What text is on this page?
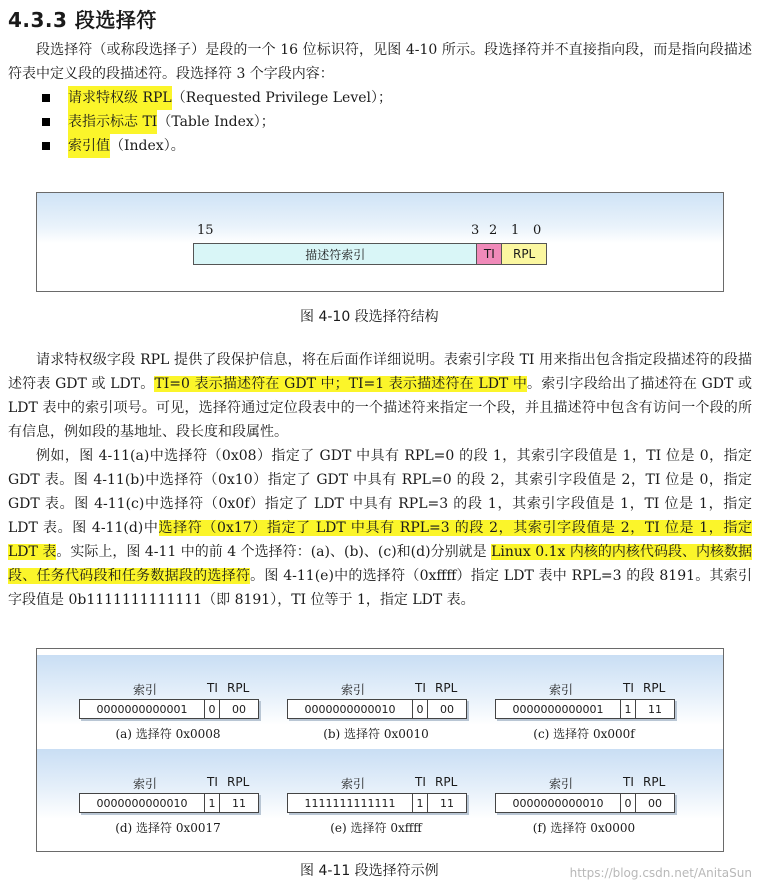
4.3.3 段选择符

段选择符（或称段选择子）是段的一个 16 位标识符，见图 4-10 所示。段选择符并不直接指向段，而是指向段描述符表中定义段的段描述符。段选择符 3 个字段内容：

请求特权级 RPL （Requested Privilege Level）；
表指示标志 TI （Table Index）；
索引值 （Index）。
15	3 2 1 0
描述符索引	TI	RPL
图 4-10 段选择符结构

请求特权级字段 RPL 提供了段保护信息，将在后面作详细说明。表索引字段 TI 用来指出包含指定段描述符的段描述符表 GDT 或 LDT。TI=0 表示描述符在 GDT 中；TI=1 表示描述符在 LDT 中。索引字段给出了描述符在 GDT 或 LDT 表中的索引项号。可见，选择符通过定位段表中的一个描述符来指定一个段，并且描述符中包含有访问一个段的所有信息，例如段的基地址、段长度和段属性。

例如，图 4-11(a)中选择符（0x08）指定了 GDT 中具有 RPL=0 的段 1，其索引字段值是 1，TI 位是 0，指定 GDT 表。图 4-11(b)中选择符（0x10）指定了 GDT 中具有 RPL=0 的段 2，其索引字段值是 2，TI 位是 0，指定 GDT 表。图 4-11(c)中选择符（0x0f）指定了 LDT 中具有 RPL=3 的段 1，其索引字段值是 1，TI 位是 1，指定 LDT 表。图 4-11(d)中选择符（0x17）指定了 LDT 中具有 RPL=3 的段 2，其索引字段值是 2，TI 位是 1，指定 LDT 表。实际上，图 4-11 中的前 4 个选择符：(a)、(b)、(c)和(d)分别就是 Linux 0.1x 内核的内核代码段、内核数据段、任务代码段和任务数据段的选择符。图 4-11(e)中的选择符（0xffff）指定 LDT 表中 RPL=3 的段 8191。其索引字段值是 0b1111111111111（即 8191），TI 位等于 1，指定 LDT 表。

索引	TI RPL
0000000000001	0	00
(a) 选择符 0x0008
索引	TI RPL
0000000000010	0	00
(b) 选择符 0x0010
索引	TI RPL
0000000000001	1	11
(c) 选择符 0x000f
索引	TI RPL
0000000000010	1	11
(d) 选择符 0x0017
索引	TI RPL
1111111111111	1	11
(e) 选择符 0xffff
索引	TI RPL
0000000000010	0	00
(f) 选择符 0x0000
图 4-11 段选择符示例	https://blog.csdn.net/AnitaSun
